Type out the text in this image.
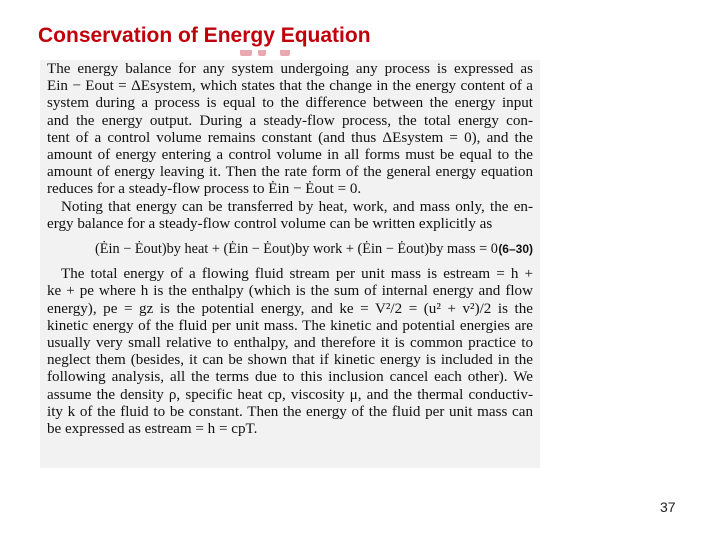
Conservation of Energy Equation
The energy balance for any system undergoing any process is expressed as
Ein − Eout = ΔEsystem, which states that the change in the energy content of a
system during a process is equal to the difference between the energy input
and the energy output. During a steady-flow process, the total energy con-
tent of a control volume remains constant (and thus ΔEsystem = 0), and the
amount of energy entering a control volume in all forms must be equal to the
amount of energy leaving it. Then the rate form of the general energy equation
reduces for a steady-flow process to Ėin − Ėout = 0.
Noting that energy can be transferred by heat, work, and mass only, the en-
ergy balance for a steady-flow control volume can be written explicitly as
(Ėin − Ėout)by heat + (Ėin − Ėout)by work + (Ėin − Ėout)by mass = 0 (6–30)
The total energy of a flowing fluid stream per unit mass is estream = h +
ke + pe where h is the enthalpy (which is the sum of internal energy and flow
energy), pe = gz is the potential energy, and ke = V²/2 = (u² + v²)/2 is the
kinetic energy of the fluid per unit mass. The kinetic and potential energies are
usually very small relative to enthalpy, and therefore it is common practice to
neglect them (besides, it can be shown that if kinetic energy is included in the
following analysis, all the terms due to this inclusion cancel each other). We
assume the density ρ, specific heat cp, viscosity μ, and the thermal conductiv-
ity k of the fluid to be constant. Then the energy of the fluid per unit mass can
be expressed as estream = h = cpT.
37
